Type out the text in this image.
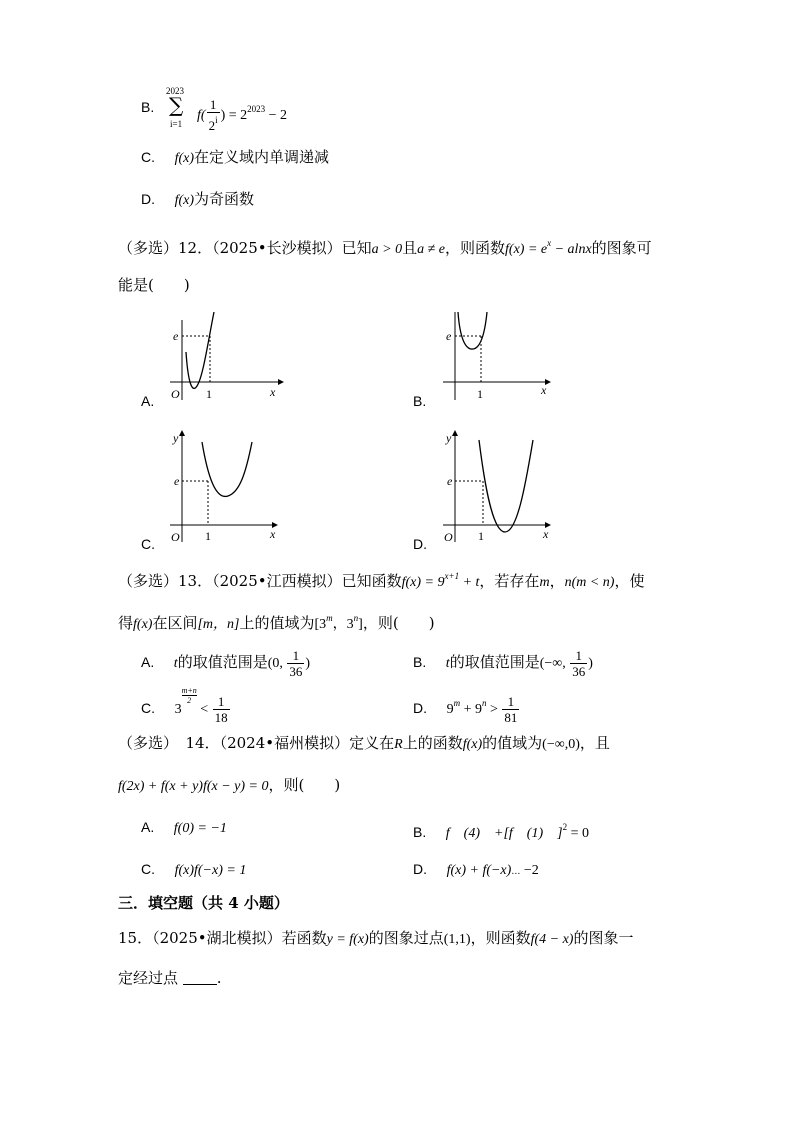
B.
2023
∑
i=1
$f( \frac{1}{2^i}$ ) = $2^{2023} - 2$
C. f(x)在定义域内单调递减
D. f(x)为奇函数
（多选）12．（2025•长沙模拟）已知a > 0且a ≠ e，则函数$f(x) = e^x - alnx$的图象可
能是(　　)
A.
e
O 1	x
B.
e
1	x
C.
y
e
O 1	x
D.
y
e
O 1	x
（多选）13．（2025•江西模拟）已知函数$f(x) = 9^{x+1} + t$，若存在m，n(m < n)，使
得f(x)在区间[m，n]上的值域为[3$^m$，3$^n$]，则(　　)
A. t的取值范围是(0, $\frac{1}{36}$ )	B. t的取值范围是(−∞, $\frac{1}{36}$ )
C. 3
$\frac{m+n}{2}$
< $\frac{1}{18}$	D. $9^m + 9^n > \frac{1}{81}$
（多选）　14．（2024•福州模拟）定义在R上的函数f(x)的值域为(−∞,0)，且
f(2x) + f(x + y)f(x − y) = 0，则(　　)
A. f(0) = −1	B. f　(4)　+[f　(1)　]$^2$ = 0
C. f(x)f(−x) = 1	D. f(x) + f(−x)… −2
三．填空题（共 4 小题）
15．（2025•湖北模拟）若函数y = f(x)的图象过点(1,1)，则函数f(4 − x)的图象一
定经过点	.
